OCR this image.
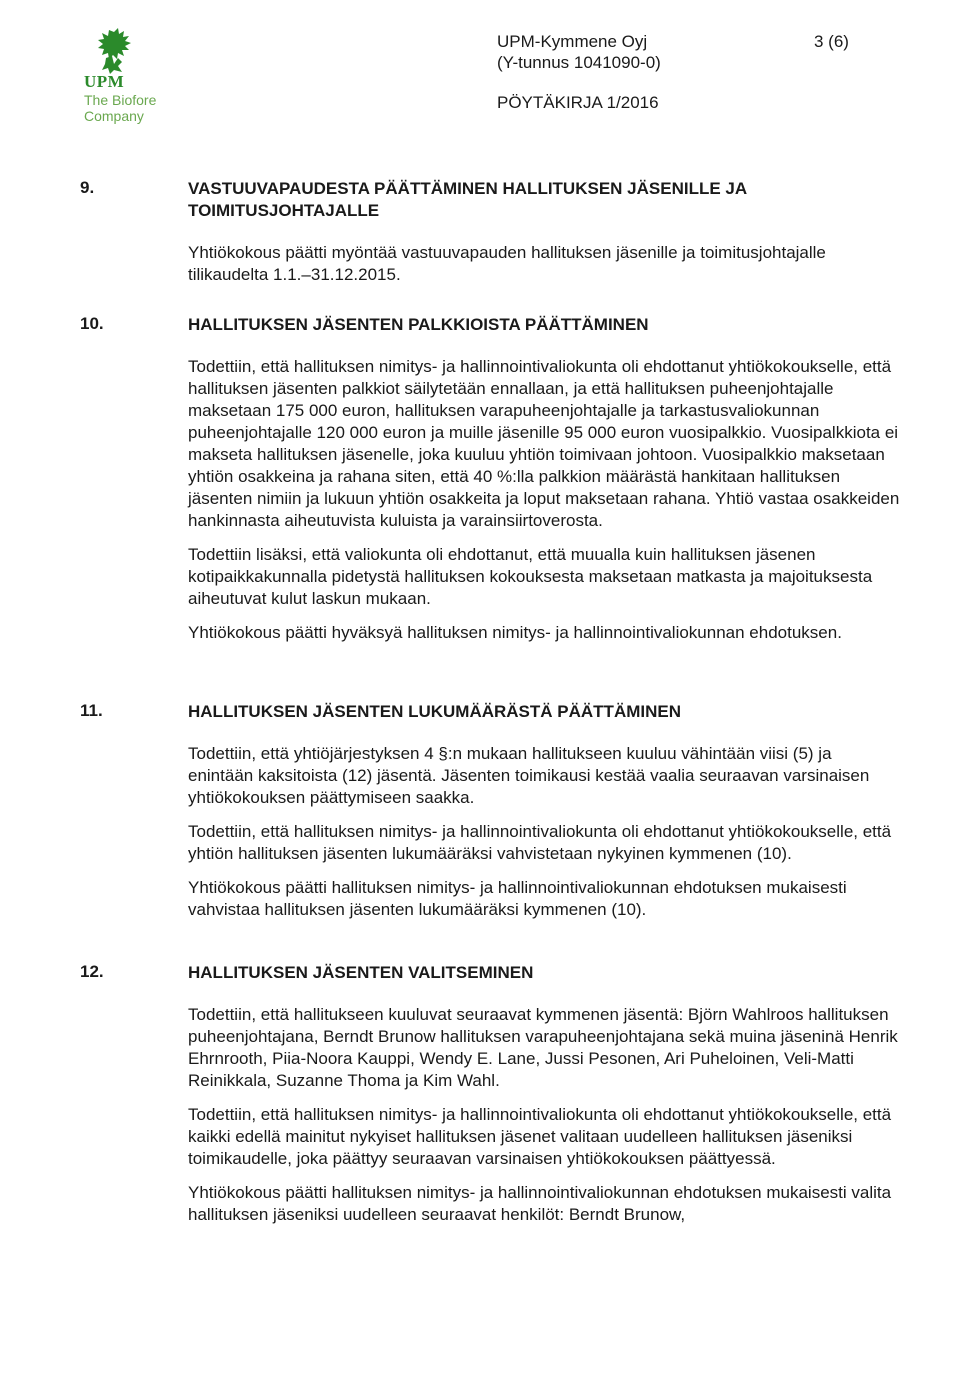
UPM
The Biofore Company
UPM-Kymmene Oyj
(Y-tunnus 1041090-0)
3 (6)
PÖYTÄKIRJA 1/2016
9.	VASTUUVAPAUDESTA PÄÄTTÄMINEN HALLITUKSEN JÄSENILLE JA TOIMITUSJOHTAJALLE
Yhtiökokous päätti myöntää vastuuvapauden hallituksen jäsenille ja toimitusjohtajalle tilikaudelta 1.1.–31.12.2015.
10.	HALLITUKSEN JÄSENTEN PALKKIOISTA PÄÄTTÄMINEN
Todettiin, että hallituksen nimitys- ja hallinnointivaliokunta oli ehdottanut yhtiökokoukselle, että hallituksen jäsenten palkkiot säilytetään ennallaan, ja että hallituksen puheenjohtajalle maksetaan 175 000 euron, hallituksen varapuheenjohtajalle ja tarkastusvaliokunnan puheenjohtajalle 120 000 euron ja muille jäsenille 95 000 euron vuosipalkkio. Vuosipalkkiota ei makseta hallituksen jäsenelle, joka kuuluu yhtiön toimivaan johtoon. Vuosipalkkio maksetaan yhtiön osakkeina ja rahana siten, että 40 %:lla palkkion määrästä hankitaan hallituksen jäsenten nimiin ja lukuun yhtiön osakkeita ja loput maksetaan rahana. Yhtiö vastaa osakkeiden hankinnasta aiheutuvista kuluista ja varainsiirtoverosta.
Todettiin lisäksi, että valiokunta oli ehdottanut, että muualla kuin hallituksen jäsenen kotipaikkakunnalla pidetystä hallituksen kokouksesta maksetaan matkasta ja majoituksesta aiheutuvat kulut laskun mukaan.
Yhtiökokous päätti hyväksyä hallituksen nimitys- ja hallinnointivaliokunnan ehdotuksen.
11.	HALLITUKSEN JÄSENTEN LUKUMÄÄRÄSTÄ PÄÄTTÄMINEN
Todettiin, että yhtiöjärjestyksen 4 §:n mukaan hallitukseen kuuluu vähintään viisi (5) ja enintään kaksitoista (12) jäsentä. Jäsenten toimikausi kestää vaalia seuraavan varsinaisen yhtiökokouksen päättymiseen saakka.
Todettiin, että hallituksen nimitys- ja hallinnointivaliokunta oli ehdottanut yhtiökokoukselle, että yhtiön hallituksen jäsenten lukumääräksi vahvistetaan nykyinen kymmenen (10).
Yhtiökokous päätti hallituksen nimitys- ja hallinnointivaliokunnan ehdotuksen mukaisesti vahvistaa hallituksen jäsenten lukumääräksi kymmenen (10).
12.	HALLITUKSEN JÄSENTEN VALITSEMINEN
Todettiin, että hallitukseen kuuluvat seuraavat kymmenen jäsentä: Björn Wahlroos hallituksen puheenjohtajana, Berndt Brunow hallituksen varapuheenjohtajana sekä muina jäseninä Henrik Ehrnrooth, Piia-Noora Kauppi, Wendy E. Lane, Jussi Pesonen, Ari Puheloinen, Veli-Matti Reinikkala, Suzanne Thoma ja Kim Wahl.
Todettiin, että hallituksen nimitys- ja hallinnointivaliokunta oli ehdottanut yhtiökokoukselle, että kaikki edellä mainitut nykyiset hallituksen jäsenet valitaan uudelleen hallituksen jäseniksi toimikaudelle, joka päättyy seuraavan varsinaisen yhtiökokouksen päättyessä.
Yhtiökokous päätti hallituksen nimitys- ja hallinnointivaliokunnan ehdotuksen mukaisesti valita hallituksen jäseniksi uudelleen seuraavat henkilöt: Berndt Brunow,
